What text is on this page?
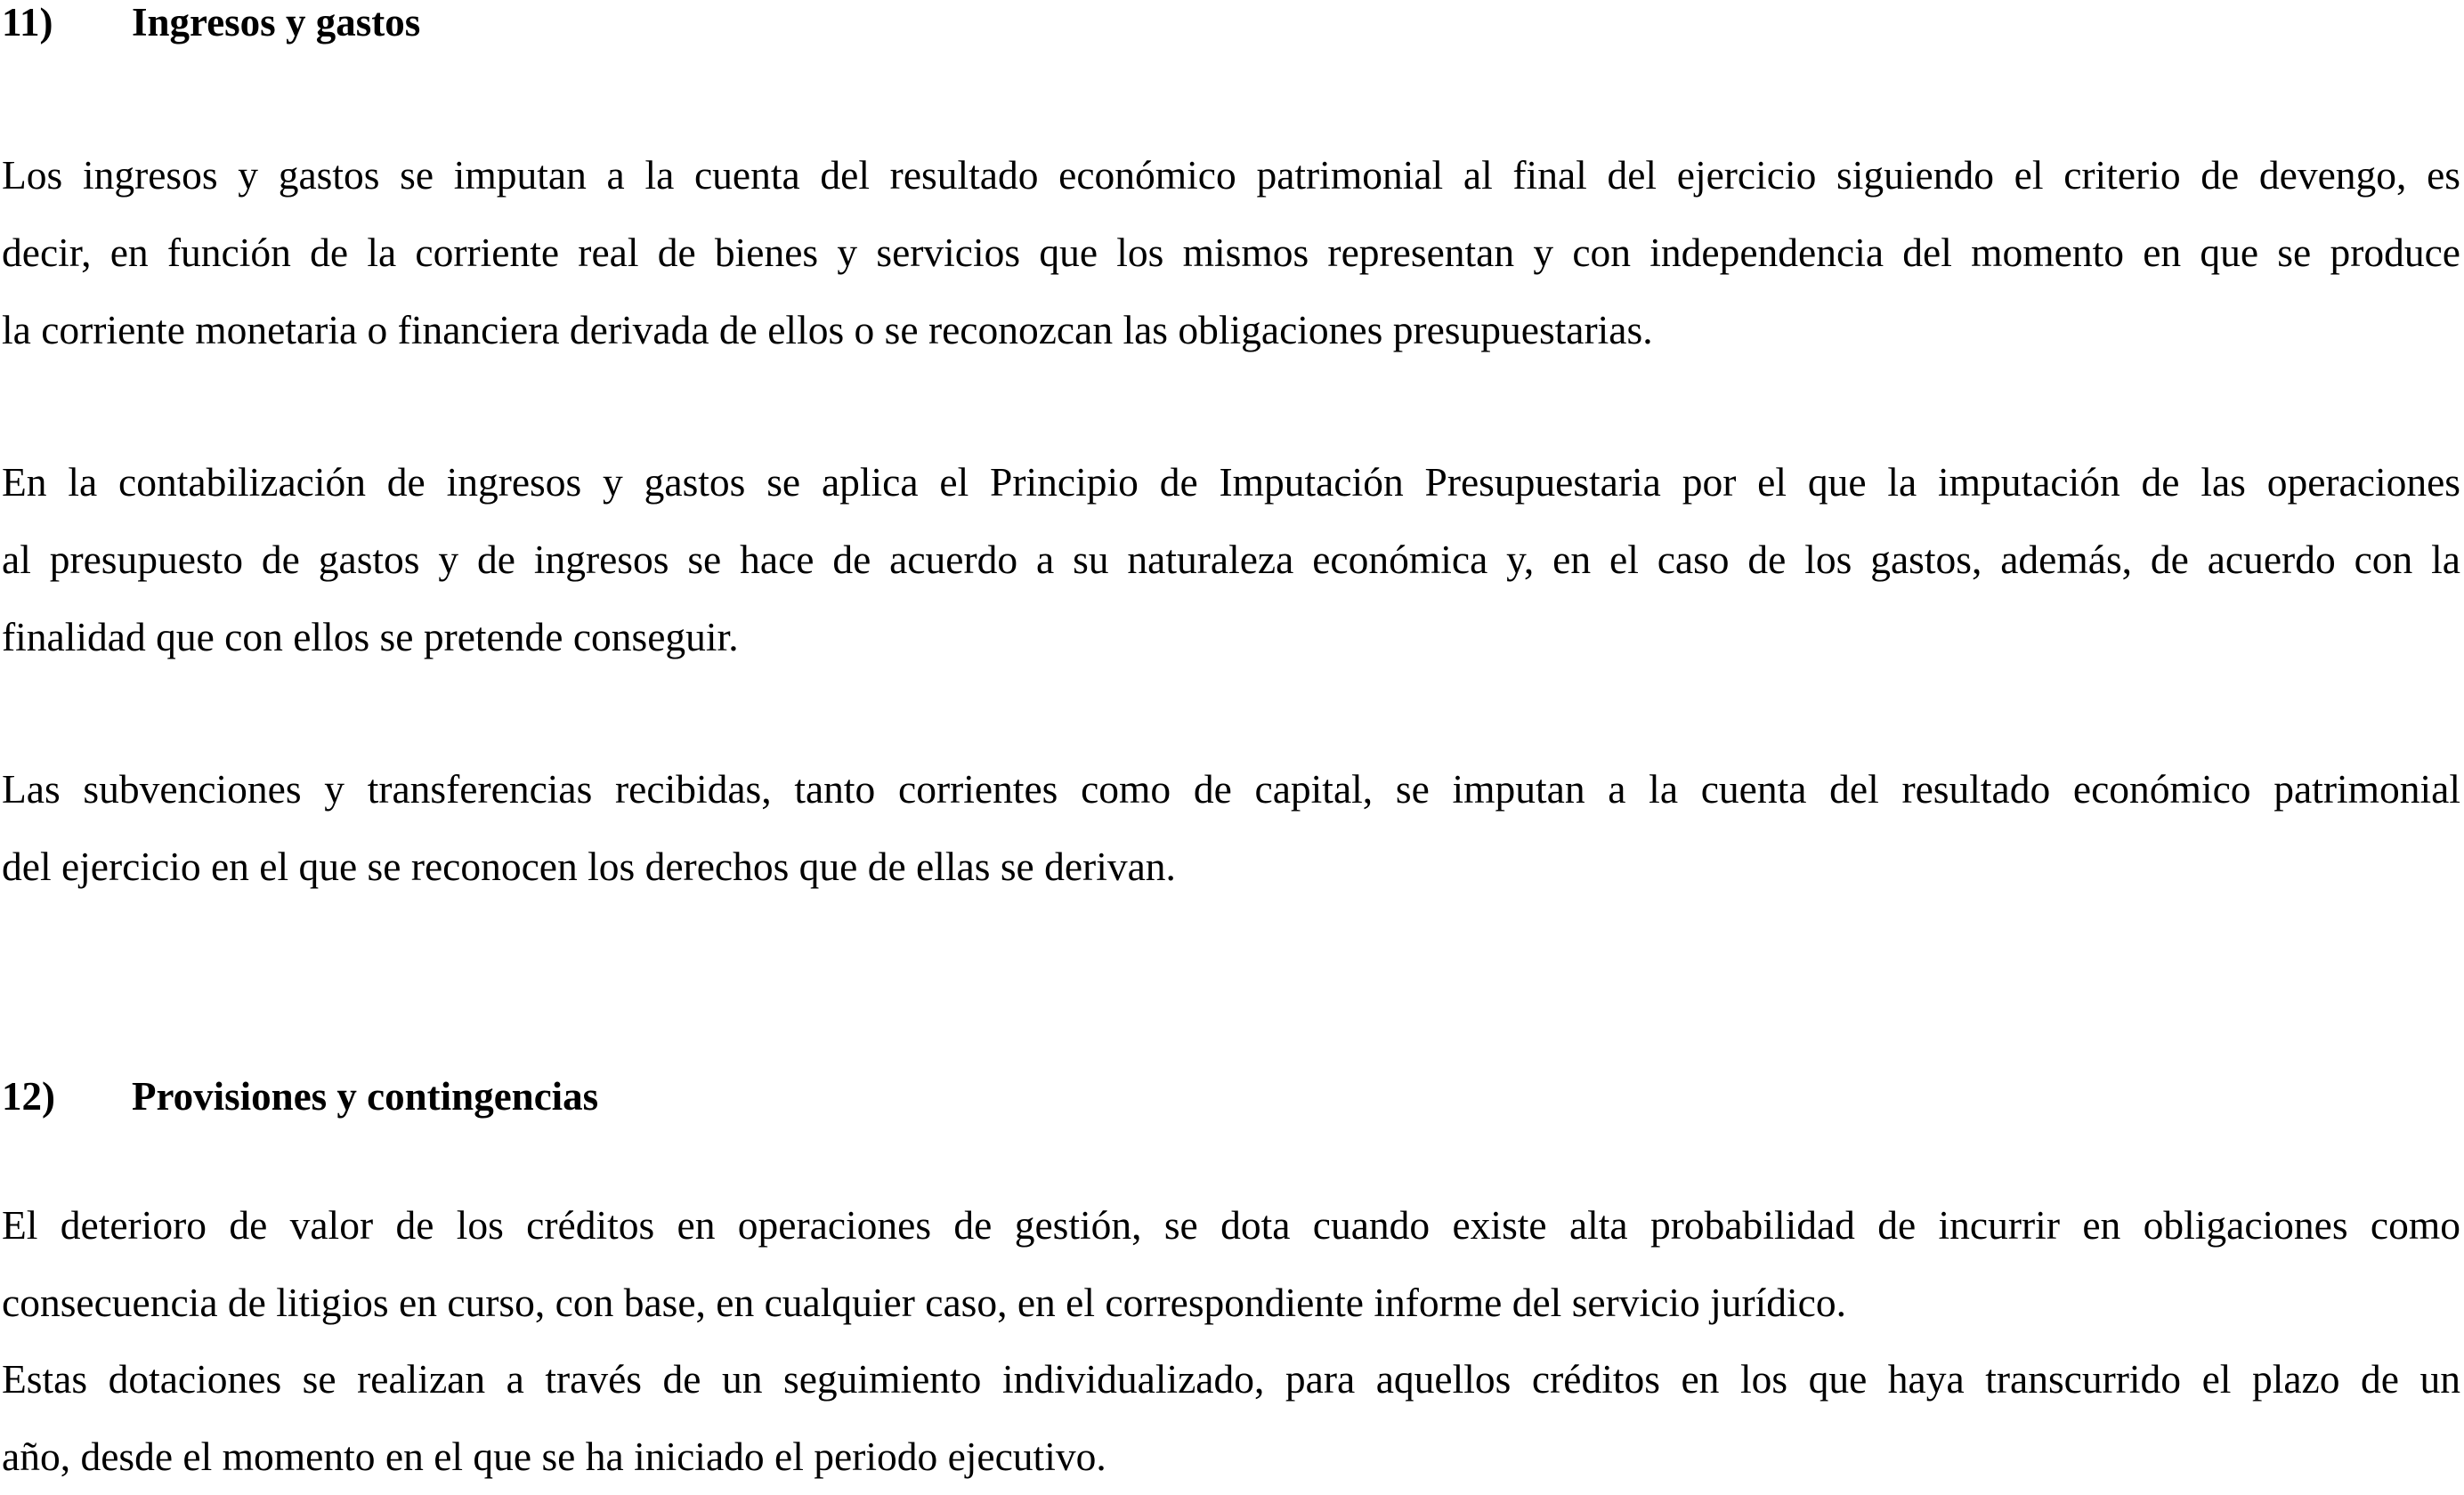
11) Ingresos y gastos

Los ingresos y gastos se imputan a la cuenta del resultado económico patrimonial al final del ejercicio siguiendo el criterio de devengo, es
decir, en función de la corriente real de bienes y servicios que los mismos representan y con independencia del momento en que se produce
la corriente monetaria o financiera derivada de ellos o se reconozcan las obligaciones presupuestarias.

En la contabilización de ingresos y gastos se aplica el Principio de Imputación Presupuestaria por el que la imputación de las operaciones
al presupuesto de gastos y de ingresos se hace de acuerdo a su naturaleza económica y, en el caso de los gastos, además, de acuerdo con la
finalidad que con ellos se pretende conseguir.

Las subvenciones y transferencias recibidas, tanto corrientes como de capital, se imputan a la cuenta del resultado económico patrimonial
del ejercicio en el que se reconocen los derechos que de ellas se derivan.

12) Provisiones y contingencias

El deterioro de valor de los créditos en operaciones de gestión, se dota cuando existe alta probabilidad de incurrir en obligaciones como
consecuencia de litigios en curso, con base, en cualquier caso, en el correspondiente informe del servicio jurídico.

Estas dotaciones se realizan a través de un seguimiento individualizado, para aquellos créditos en los que haya transcurrido el plazo de un
año, desde el momento en el que se ha iniciado el periodo ejecutivo.
